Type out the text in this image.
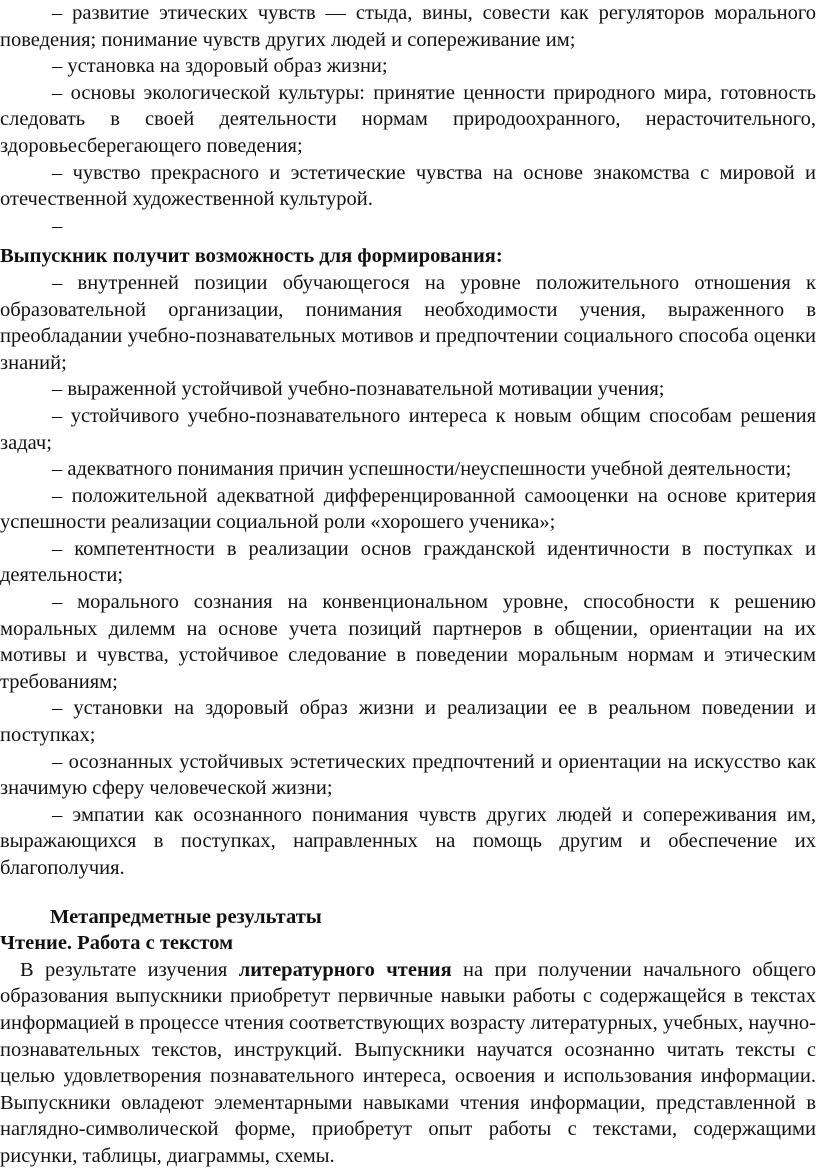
– развитие этических чувств — стыда, вины, совести как регуляторов морального поведения; понимание чувств других людей и сопереживание им;

– установка на здоровый образ жизни;

– основы экологической культуры: принятие ценности природного мира, готовность следовать в своей деятельности нормам природоохранного, нерасточительного, здоровьесберегающего поведения;

– чувство прекрасного и эстетические чувства на основе знакомства с мировой и отечественной художественной культурой.

–

Выпускник получит возможность для формирования:

– внутренней позиции обучающегося на уровне положительного отношения к образовательной организации, понимания необходимости учения, выраженного в преобладании учебно-познавательных мотивов и предпочтении социального способа оценки знаний;

– выраженной устойчивой учебно-познавательной мотивации учения;

– устойчивого учебно-познавательного интереса к новым общим способам решения задач;

– адекватного понимания причин успешности/неуспешности учебной деятельности;

– положительной адекватной дифференцированной самооценки на основе критерия успешности реализации социальной роли «хорошего ученика»;

– компетентности в реализации основ гражданской идентичности в поступках и деятельности;

– морального сознания на конвенциональном уровне, способности к решению моральных дилемм на основе учета позиций партнеров в общении, ориентации на их мотивы и чувства, устойчивое следование в поведении моральным нормам и этическим требованиям;

– установки на здоровый образ жизни и реализации ее в реальном поведении и поступках;

– осознанных устойчивых эстетических предпочтений и ориентации на искусство как значимую сферу человеческой жизни;

– эмпатии как осознанного понимания чувств других людей и сопереживания им, выражающихся в поступках, направленных на помощь другим и обеспечение их благополучия.

Метапредметные результаты

Чтение. Работа с текстом

В результате изучения литературного чтения на при получении начального общего образования выпускники приобретут первичные навыки работы с содержащейся в текстах информацией в процессе чтения соответствующих возрасту литературных, учебных, научно-познавательных текстов, инструкций. Выпускники научатся осознанно читать тексты с целью удовлетворения познавательного интереса, освоения и использования информации. Выпускники овладеют элементарными навыками чтения информации, представленной в наглядно-символической форме, приобретут опыт работы с текстами, содержащими рисунки, таблицы, диаграммы, схемы.
